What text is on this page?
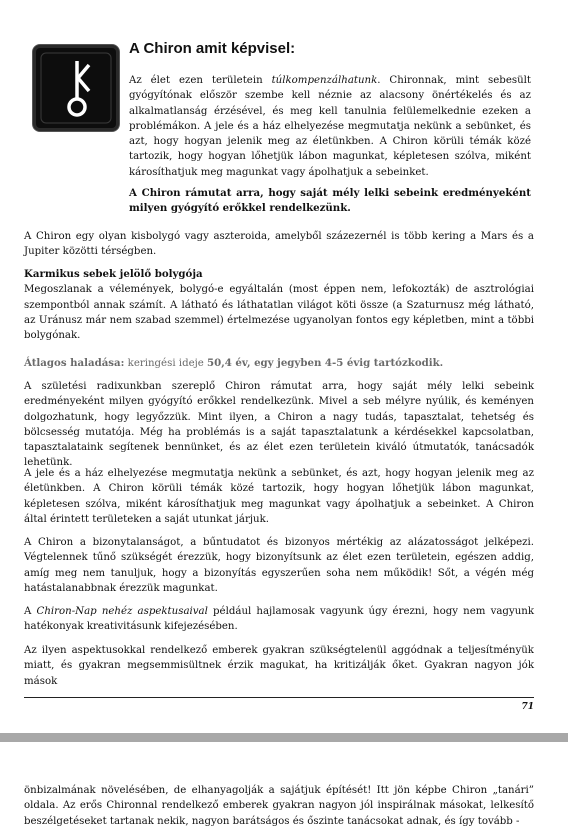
A Chiron amit képvisel:
Az élet ezen területein túlkompenzálhatunk. Chironnak, mint sebesült gyógyítónak először szembe kell néznie az alacsony önértékelés és az alkalmatlanság érzésével, és meg kell tanulnia felülemelkednie ezeken a problémákon. A jele és a ház elhelyezése megmutatja nekünk a sebünket, és azt, hogy hogyan jelenik meg az életünkben. A Chiron körüli témák közé tartozik, hogy hogyan lőhetjük lábon magunkat, képletesen szólva, miként károsíthatjuk meg magunkat vagy ápolhatjuk a sebeinket.
A Chiron rámutat arra, hogy saját mély lelki sebeink eredményeként milyen gyógyító erőkkel rendelkezünk.
A Chiron egy olyan kisbolygó vagy aszteroida, amelyből százezernél is több kering a Mars és a Jupiter közötti térségben.
Karmikus sebek jelölő bolygója
Megoszlanak a vélemények, bolygó-e egyáltalán (most éppen nem, lefokozták) de asztrológiai szempontból annak számít. A látható és láthatatlan világot köti össze (a Szaturnusz még látható, az Uránusz már nem szabad szemmel) értelmezése ugyanolyan fontos egy képletben, mint a többi bolygónak.
Átlagos haladása: keringési ideje 50,4 év, egy jegyben 4-5 évig tartózkodik.
A születési radixunkban szereplő Chiron rámutat arra, hogy saját mély lelki sebeink eredményeként milyen gyógyító erőkkel rendelkezünk. Mivel a seb mélyre nyúlik, és keményen dolgozhatunk, hogy legyőzzük. Mint ilyen, a Chiron a nagy tudás, tapasztalat, tehetség és bölcsesség mutatója. Még ha problémás is a saját tapasztalatunk a kérdésekkel kapcsolatban, tapasztalataink segítenek bennünket, és az élet ezen területein kiváló útmutatók, tanácsadók lehetünk.
A jele és a ház elhelyezése megmutatja nekünk a sebünket, és azt, hogy hogyan jelenik meg az életünkben. A Chiron körüli témák közé tartozik, hogy hogyan lőhetjük lábon magunkat, képletesen szólva, miként károsíthatjuk meg magunkat vagy ápolhatjuk a sebeinket. A Chiron által érintett területeken a saját utunkat járjuk.
A Chiron a bizonytalanságot, a bűntudatot és bizonyos mértékig az alázatosságot jelképezi. Végtelennek tűnő szükségét érezzük, hogy bizonyítsunk az élet ezen területein, egészen addig, amíg meg nem tanuljuk, hogy a bizonyítás egyszerűen soha nem működik! Sőt, a végén még hatástalanabbnak érezzük magunkat.
A Chiron-Nap nehéz aspektusaival például hajlamosak vagyunk úgy érezni, hogy nem vagyunk hatékonyak kreativitásunk kifejezésében.
Az ilyen aspektusokkal rendelkező emberek gyakran szükségtelenül aggódnak a teljesítményük miatt, és gyakran megsemmisültnek érzik magukat, ha kritizálják őket. Gyakran nagyon jók mások
71
önbizalmának növelésében, de elhanyagolják a sajátjuk építését! Itt jön képbe Chiron „tanári” oldala. Az erős Chironnal rendelkező emberek gyakran nagyon jól inspirálnak másokat, lelkesítő beszélgetéseket tartanak nekik, nagyon barátságos és őszinte tanácsokat adnak, és így tovább -
